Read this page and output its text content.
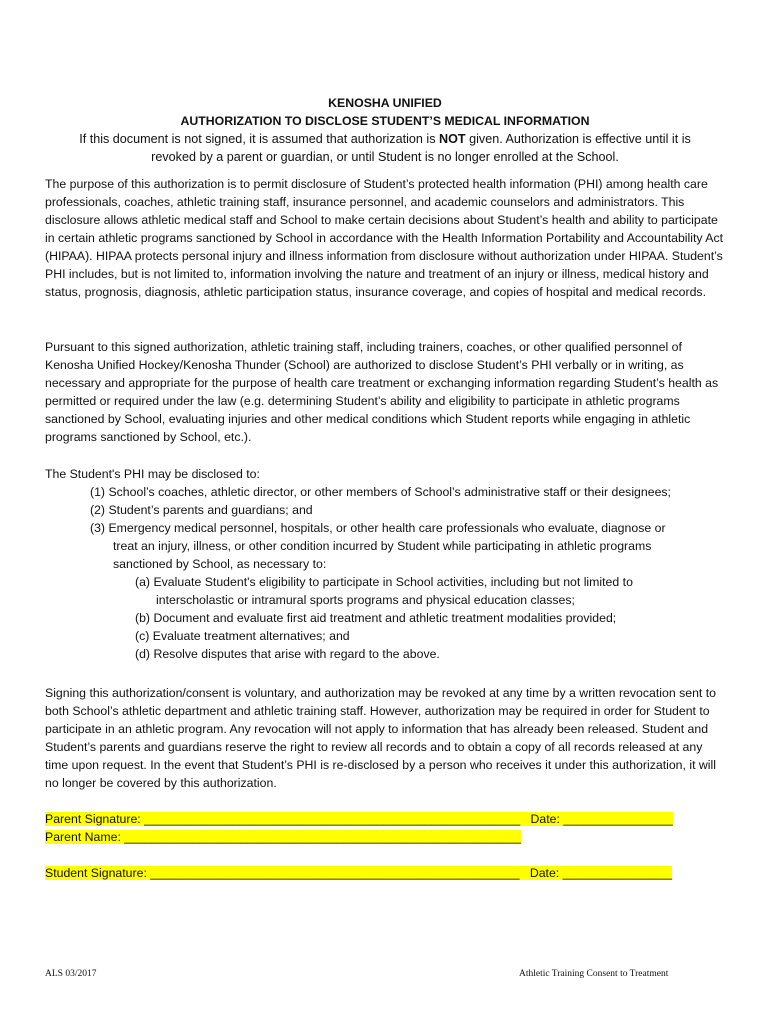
KENOSHA UNIFIED
AUTHORIZATION TO DISCLOSE STUDENT’S MEDICAL INFORMATION
If this document is not signed, it is assumed that authorization is NOT given. Authorization is effective until it is revoked by a parent or guardian, or until Student is no longer enrolled at the School.

The purpose of this authorization is to permit disclosure of Student’s protected health information (PHI) among health care professionals, coaches, athletic training staff, insurance personnel, and academic counselors and administrators. This disclosure allows athletic medical staff and School to make certain decisions about Student’s health and ability to participate in certain athletic programs sanctioned by School in accordance with the Health Information Portability and Accountability Act (HIPAA). HIPAA protects personal injury and illness information from disclosure without authorization under HIPAA. Student’s PHI includes, but is not limited to, information involving the nature and treatment of an injury or illness, medical history and status, prognosis, diagnosis, athletic participation status, insurance coverage, and copies of hospital and medical records.

Pursuant to this signed authorization, athletic training staff, including trainers, coaches, or other qualified personnel of Kenosha Unified Hockey/Kenosha Thunder (School) are authorized to disclose Student’s PHI verbally or in writing, as necessary and appropriate for the purpose of health care treatment or exchanging information regarding Student’s health as permitted or required under the law (e.g. determining Student’s ability and eligibility to participate in athletic programs sanctioned by School, evaluating injuries and other medical conditions which Student reports while engaging in athletic programs sanctioned by School, etc.).

The Student's PHI may be disclosed to:

(1) School’s coaches, athletic director, or other members of School’s administrative staff or their designees;
(2) Student’s parents and guardians; and
(3) Emergency medical personnel, hospitals, or other health care professionals who evaluate, diagnose or
treat an injury, illness, or other condition incurred by Student while participating in athletic programs
sanctioned by School, as necessary to:
(a) Evaluate Student's eligibility to participate in School activities, including but not limited to
interscholastic or intramural sports programs and physical education classes;
(b) Document and evaluate first aid treatment and athletic treatment modalities provided;
(c) Evaluate treatment alternatives; and
(d) Resolve disputes that arise with regard to the above.

Signing this authorization/consent is voluntary, and authorization may be revoked at any time by a written revocation sent to both School’s athletic department and athletic training staff. However, authorization may be required in order for Student to participate in an athletic program. Any revocation will not apply to information that has already been released. Student and Student’s parents and guardians reserve the right to review all records and to obtain a copy of all records released at any time upon request. In the event that Student’s PHI is re-disclosed by a person who receives it under this authorization, it will no longer be covered by this authorization.

Parent Signature: _______________________________________________________   Date: ________________
Parent Name: __________________________________________________________
Student Signature: ______________________________________________________   Date: ________________
ALS 03/2017	Athletic Training Consent to Treatment
